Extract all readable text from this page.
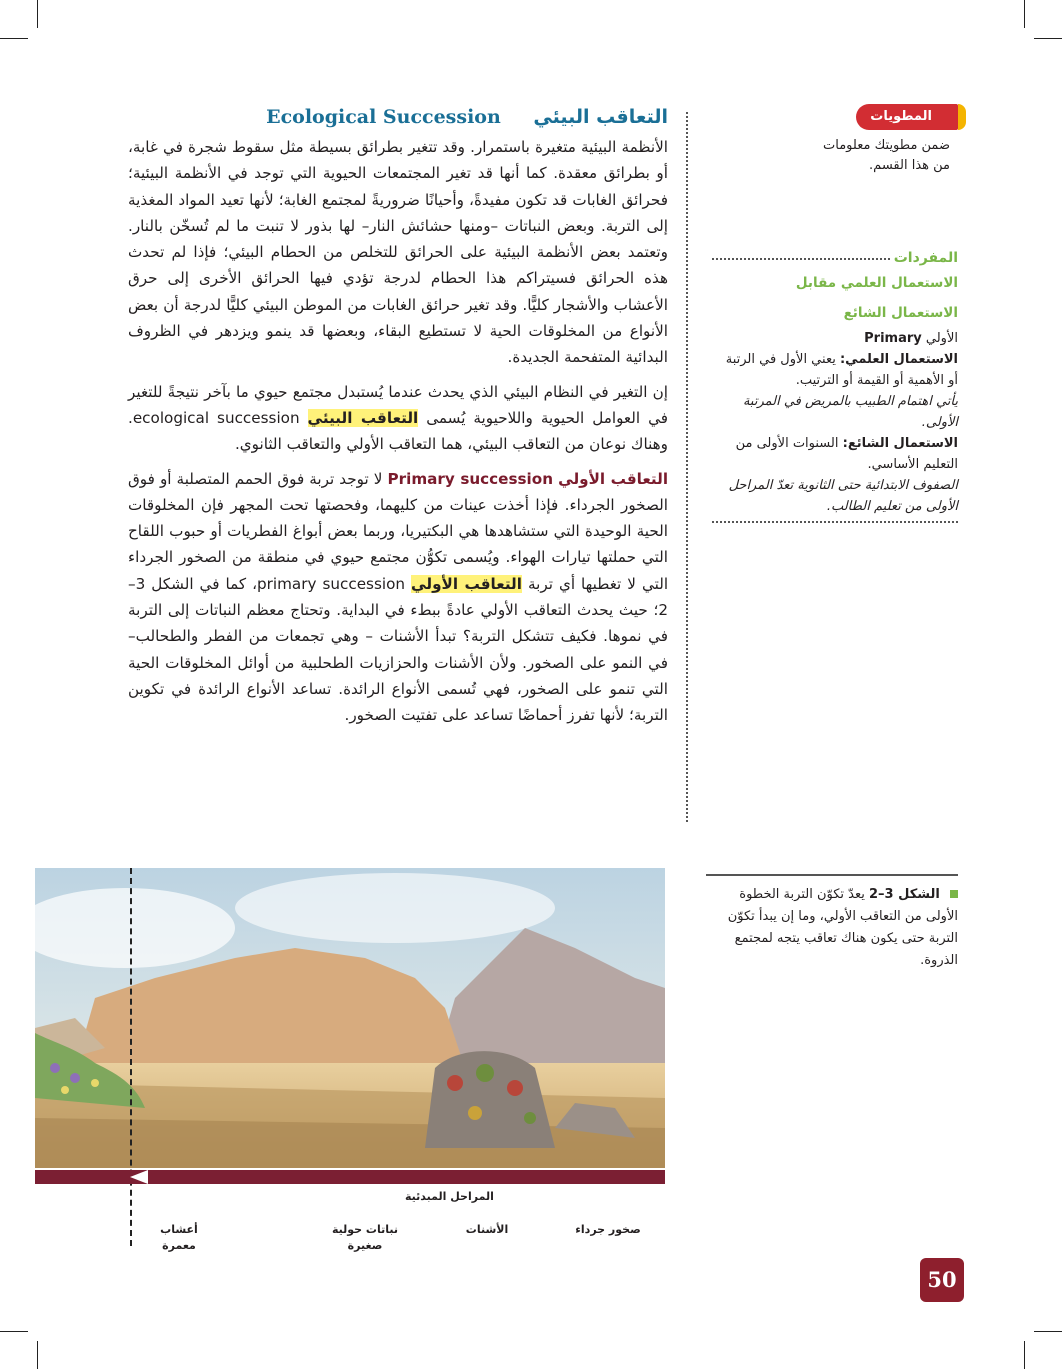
Ecological Succession التعاقب البيئي

الأنظمة البيئية متغيرة باستمرار. وقد تتغير بطرائق بسيطة مثل سقوط شجرة في غابة، أو بطرائق معقدة. كما أنها قد تغير المجتمعات الحيوية التي توجد في الأنظمة البيئية؛ فحرائق الغابات قد تكون مفيدةً، وأحيانًا ضروريةً لمجتمع الغابة؛ لأنها تعيد المواد المغذية إلى التربة. وبعض النباتات –ومنها حشائش النار– لها بذور لا تنبت ما لم تُسخّن بالنار. وتعتمد بعض الأنظمة البيئية على الحرائق للتخلص من الحطام البيئي؛ فإذا لم تحدث هذه الحرائق فسيتراكم هذا الحطام لدرجة تؤدي فيها الحرائق الأخرى إلى حرق الأعشاب والأشجار كليًّا. وقد تغير حرائق الغابات من الموطن البيئي كليًّا لدرجة أن بعض الأنواع من المخلوقات الحية لا تستطيع البقاء، وبعضها قد ينمو ويزدهر في الظروف البدائية المتفحمة الجديدة.

إن التغير في النظام البيئي الذي يحدث عندما يُستبدل مجتمع حيوي ما بآخر نتيجةً للتغير في العوامل الحيوية واللاحيوية يُسمى التعاقب البيئي ecological succession. وهناك نوعان من التعاقب البيئي، هما التعاقب الأولي والتعاقب الثانوي.

التعاقب الأولي Primary succession لا توجد تربة فوق الحمم المتصلبة أو فوق الصخور الجرداء. فإذا أخذت عينات من كليهما، وفحصتها تحت المجهر فإن المخلوقات الحية الوحيدة التي ستشاهدها هي البكتيريا، وربما بعض أبواغ الفطريات أو حبوب اللقاح التي حملتها تيارات الهواء. ويُسمى تكوُّن مجتمع حيوي في منطقة من الصخور الجرداء التي لا تغطيها أي تربة التعاقب الأولي primary succession، كما في الشكل 3–2؛ حيث يحدث التعاقب الأولي عادةً ببطء في البداية. وتحتاج معظم النباتات إلى التربة في نموها. فكيف تتشكل التربة؟ تبدأ الأشنات – وهي تجمعات من الفطر والطحالب– في النمو على الصخور. ولأن الأشنات والحزازيات الطحلبية من أوائل المخلوقات الحية التي تنمو على الصخور، فهي تُسمى الأنواع الرائدة. تساعد الأنواع الرائدة في تكوين التربة؛ لأنها تفرز أحماضًا تساعد على تفتيت الصخور.

المطويات
ضمن مطويتك معلومات من هذا القسم.
المفردات
الاستعمال العلمي مقابل
الاستعمال الشائع
الأولي Primary
الاستعمال العلمي: يعني الأول في الرتبة أو الأهمية أو القيمة أو الترتيب.
يأتي اهتمام الطبيب بالمريض في المرتبة الأولى.
الاستعمال الشائع: السنوات الأولى من التعليم الأساسي.
الصفوف الابتدائية حتى الثانوية تعدّ المراحل الأولى من تعليم الطالب.
الشكل 3–2 يعدّ تكوّن التربة الخطوة الأولى من التعاقب الأولي، وما إن يبدأ تكوّن التربة حتى يكون هناك تعاقب يتجه لمجتمع الذروة.
المراحل المبدئية
صخور جرداء
الأشنات
نباتات حولية صغيرة
أعشاب معمرة
50
